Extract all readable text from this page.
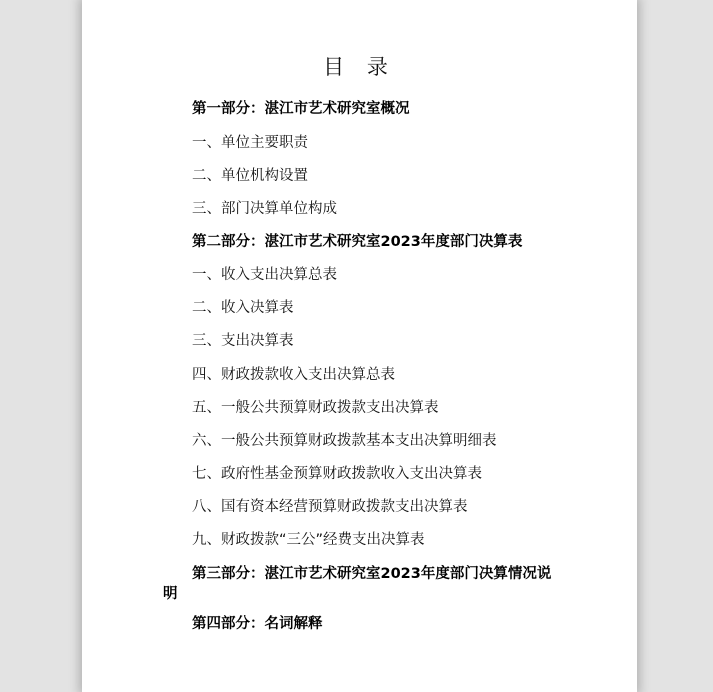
目 录
第一部分：湛江市艺术研究室概况
一、单位主要职责
二、单位机构设置
三、部门决算单位构成
第二部分：湛江市艺术研究室2023年度部门决算表
一、收入支出决算总表
二、收入决算表
三、支出决算表
四、财政拨款收入支出决算总表
五、一般公共预算财政拨款支出决算表
六、一般公共预算财政拨款基本支出决算明细表
七、政府性基金预算财政拨款收入支出决算表
八、国有资本经营预算财政拨款支出决算表
九、财政拨款“三公”经费支出决算表
第三部分：湛江市艺术研究室2023年度部门决算情况说明
第四部分：名词解释
